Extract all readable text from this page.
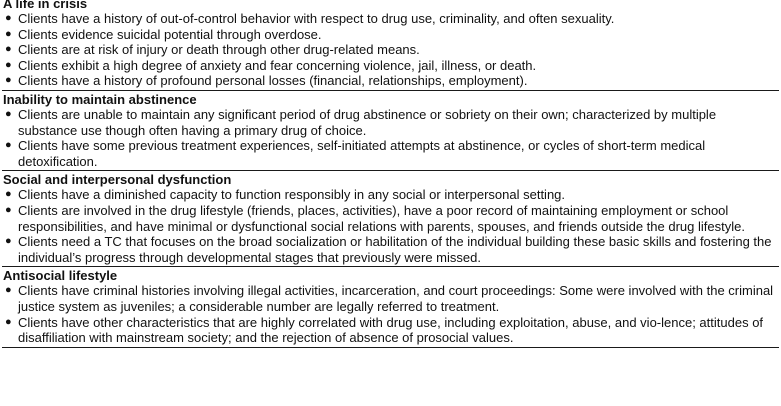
A life in crisis
● Clients have a history of out-of-control behavior with respect to drug use, criminality, and often sexuality.
● Clients evidence suicidal potential through overdose.
● Clients are at risk of injury or death through other drug-related means.
● Clients exhibit a high degree of anxiety and fear concerning violence, jail, illness, or death.
● Clients have a history of profound personal losses (financial, relationships, employment).
Inability to maintain abstinence
● Clients are unable to maintain any significant period of drug abstinence or sobriety on their own; characterized by multiple substance use though often having a primary drug of choice.
● Clients have some previous treatment experiences, self-initiated attempts at abstinence, or cycles of short-term medical detoxification.
Social and interpersonal dysfunction
● Clients have a diminished capacity to function responsibly in any social or interpersonal setting.
● Clients are involved in the drug lifestyle (friends, places, activities), have a poor record of maintaining employment or school responsibilities, and have minimal or dysfunctional social relations with parents, spouses, and friends outside the drug lifestyle.
● Clients need a TC that focuses on the broad socialization or habilitation of the individual building these basic skills and fostering the individual’s progress through developmental stages that previously were missed.
Antisocial lifestyle
● Clients have criminal histories involving illegal activities, incarceration, and court proceedings: Some were involved with the criminal justice system as juveniles; a considerable number are legally referred to treatment.
● Clients have other characteristics that are highly correlated with drug use, including exploitation, abuse, and vio-lence; attitudes of disaffiliation with mainstream society; and the rejection of absence of prosocial values.
